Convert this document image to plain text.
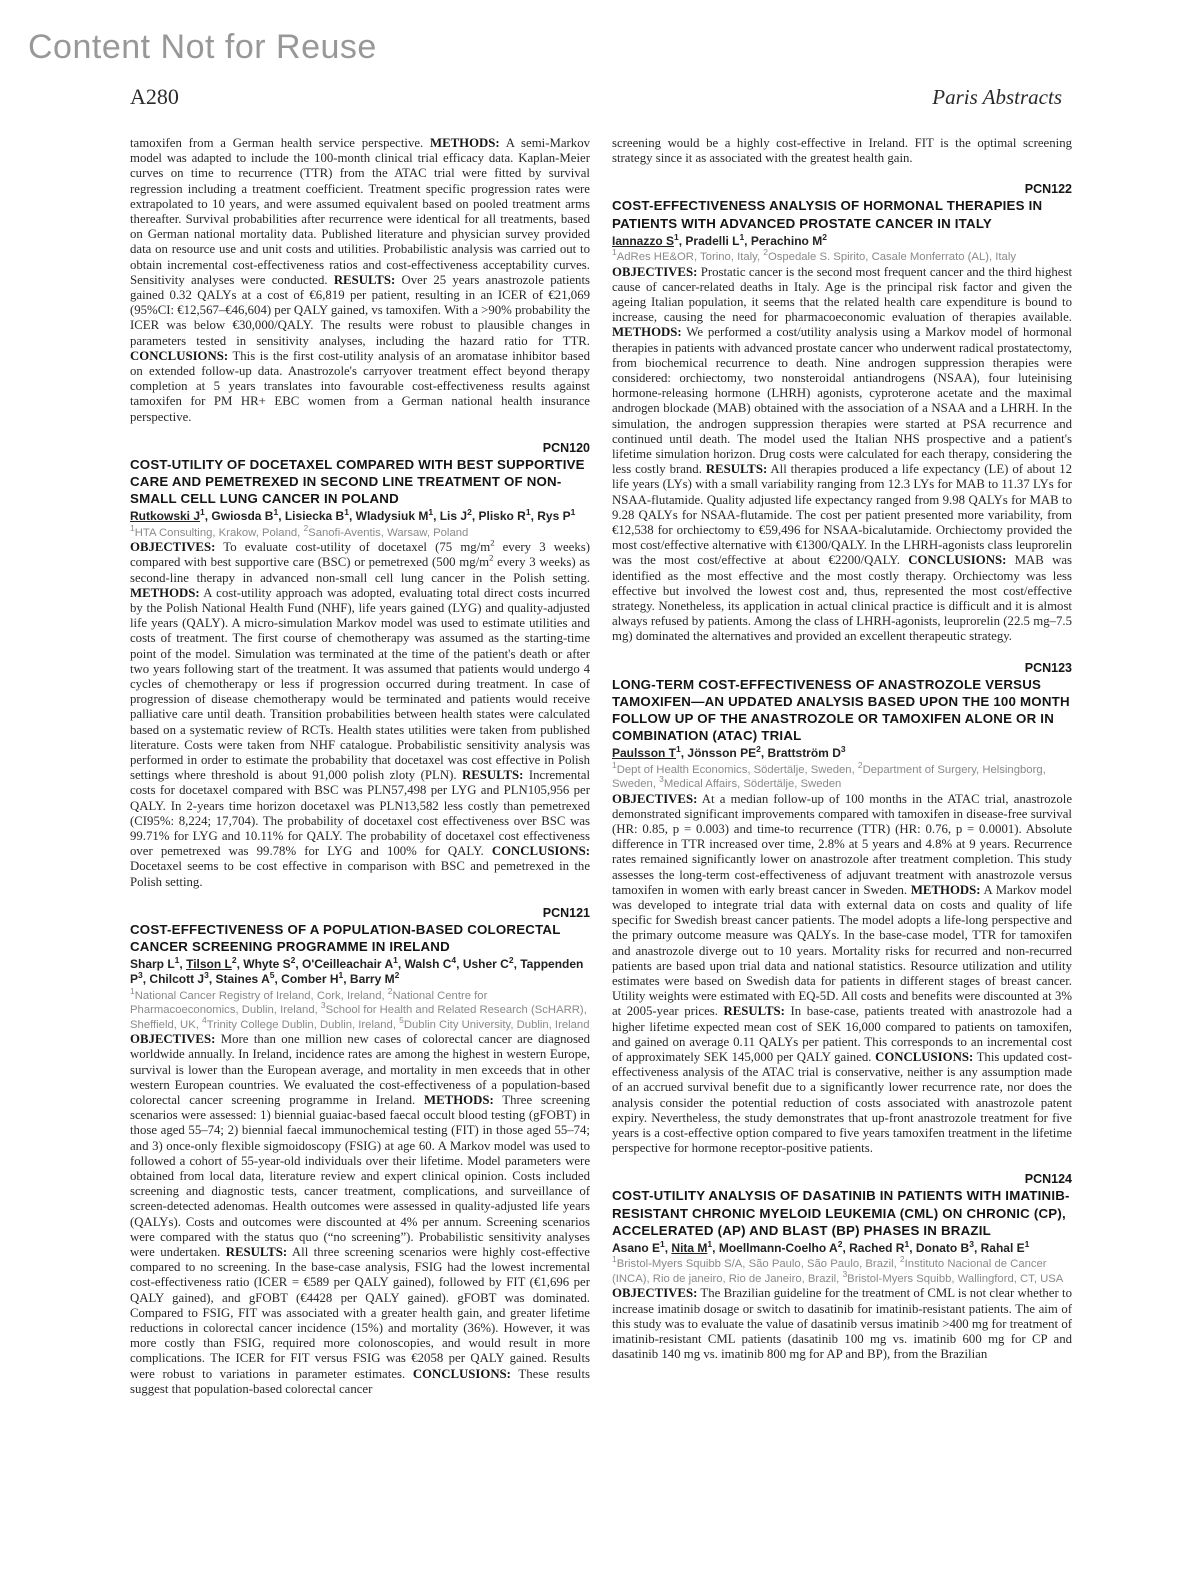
Content Not for Reuse
A280	Paris Abstracts

tamoxifen from a German health service perspective. METHODS: A semi-Markov model was adapted to include the 100-month clinical trial efficacy data. Kaplan-Meier curves on time to recurrence (TTR) from the ATAC trial were fitted by survival regression including a treatment coefficient. Treatment specific progression rates were extrapolated to 10 years, and were assumed equivalent based on pooled treatment arms thereafter. Survival probabilities after recurrence were identical for all treatments, based on German national mortality data. Published literature and physician survey provided data on resource use and unit costs and utilities. Probabilistic analysis was carried out to obtain incremental cost-effectiveness ratios and cost-effectiveness acceptability curves. Sensitivity analyses were conducted. RESULTS: Over 25 years anastrozole patients gained 0.32 QALYs at a cost of €6,819 per patient, resulting in an ICER of €21,069 (95%CI: €12,567–€46,604) per QALY gained, vs tamoxifen. With a >90% probability the ICER was below €30,000/QALY. The results were robust to plausible changes in parameters tested in sensitivity analyses, including the hazard ratio for TTR. CONCLUSIONS: This is the first cost-utility analysis of an aromatase inhibitor based on extended follow-up data. Anastrozole's carryover treatment effect beyond therapy completion at 5 years translates into favourable cost-effectiveness results against tamoxifen for PM HR+ EBC women from a German national health insurance perspective.

PCN120
COST-UTILITY OF DOCETAXEL COMPARED WITH BEST SUPPORTIVE CARE AND PEMETREXED IN SECOND LINE TREATMENT OF NON-SMALL CELL LUNG CANCER IN POLAND
Rutkowski $J^1$, Gwiosda $B^1$, Lisiecka $B^1$, Wladysiuk $M^1$, Lis $J^2$, Plisko $R^1$, Rys $P^1$
$^1$HTA Consulting, Krakow, Poland, $^2$Sanofi-Aventis, Warsaw, Poland

OBJECTIVES: To evaluate cost-utility of docetaxel (75 $mg/m^2$ every 3 weeks) compared with best supportive care (BSC) or pemetrexed (500 $mg/m^2$ every 3 weeks) as second-line therapy in advanced non-small cell lung cancer in the Polish setting. METHODS: A cost-utility approach was adopted, evaluating total direct costs incurred by the Polish National Health Fund (NHF), life years gained (LYG) and quality-adjusted life years (QALY). A micro-simulation Markov model was used to estimate utilities and costs of treatment. The first course of chemotherapy was assumed as the starting-time point of the model. Simulation was terminated at the time of the patient's death or after two years following start of the treatment. It was assumed that patients would undergo 4 cycles of chemotherapy or less if progression occurred during treatment. In case of progression of disease chemotherapy would be terminated and patients would receive palliative care until death. Transition probabilities between health states were calculated based on a systematic review of RCTs. Health states utilities were taken from published literature. Costs were taken from NHF catalogue. Probabilistic sensitivity analysis was performed in order to estimate the probability that docetaxel was cost effective in Polish settings where threshold is about 91,000 polish zloty (PLN). RESULTS: Incremental costs for docetaxel compared with BSC was PLN57,498 per LYG and PLN105,956 per QALY. In 2-years time horizon docetaxel was PLN13,582 less costly than pemetrexed (CI95%: 8,224; 17,704). The probability of docetaxel cost effectiveness over BSC was 99.71% for LYG and 10.11% for QALY. The probability of docetaxel cost effectiveness over pemetrexed was 99.78% for LYG and 100% for QALY. CONCLUSIONS: Docetaxel seems to be cost effective in comparison with BSC and pemetrexed in the Polish setting.

PCN121
COST-EFFECTIVENESS OF A POPULATION-BASED COLORECTAL CANCER SCREENING PROGRAMME IN IRELAND
Sharp $L^1$, Tilson $L^2$, Whyte $S^2$, O'Ceilleachair $A^1$, Walsh $C^4$, Usher $C^2$, Tappenden $P^3$, Chilcott $J^3$, Staines $A^5$, Comber $H^1$, Barry $M^2$
$^1$National Cancer Registry of Ireland, Cork, Ireland, $^2$National Centre for Pharmacoeconomics, Dublin, Ireland, $^3$School for Health and Related Research (ScHARR), Sheffield, UK, $^4$Trinity College Dublin, Dublin, Ireland, $^5$Dublin City University, Dublin, Ireland

OBJECTIVES: More than one million new cases of colorectal cancer are diagnosed worldwide annually. In Ireland, incidence rates are among the highest in western Europe, survival is lower than the European average, and mortality in men exceeds that in other western European countries. We evaluated the cost-effectiveness of a population-based colorectal cancer screening programme in Ireland. METHODS: Three screening scenarios were assessed: 1) biennial guaiac-based faecal occult blood testing (gFOBT) in those aged 55–74; 2) biennial faecal immunochemical testing (FIT) in those aged 55–74; and 3) once-only flexible sigmoidoscopy (FSIG) at age 60. A Markov model was used to followed a cohort of 55-year-old individuals over their lifetime. Model parameters were obtained from local data, literature review and expert clinical opinion. Costs included screening and diagnostic tests, cancer treatment, complications, and surveillance of screen-detected adenomas. Health outcomes were assessed in quality-adjusted life years (QALYs). Costs and outcomes were discounted at 4% per annum. Screening scenarios were compared with the status quo (“no screening”). Probabilistic sensitivity analyses were undertaken. RESULTS: All three screening scenarios were highly cost-effective compared to no screening. In the base-case analysis, FSIG had the lowest incremental cost-effectiveness ratio (ICER = €589 per QALY gained), followed by FIT (€1,696 per QALY gained), and gFOBT (€4428 per QALY gained). gFOBT was dominated. Compared to FSIG, FIT was associated with a greater health gain, and greater lifetime reductions in colorectal cancer incidence (15%) and mortality (36%). However, it was more costly than FSIG, required more colonoscopies, and would result in more complications. The ICER for FIT versus FSIG was €2058 per QALY gained. Results were robust to variations in parameter estimates. CONCLUSIONS: These results suggest that population-based colorectal cancer

screening would be a highly cost-effective in Ireland. FIT is the optimal screening strategy since it as associated with the greatest health gain.

PCN122
COST-EFFECTIVENESS ANALYSIS OF HORMONAL THERAPIES IN PATIENTS WITH ADVANCED PROSTATE CANCER IN ITALY
Iannazzo $S^1$, Pradelli $L^1$, Perachino $M^2$
$^1$AdRes HE&OR, Torino, Italy, $^2$Ospedale S. Spirito, Casale Monferrato (AL), Italy

OBJECTIVES: Prostatic cancer is the second most frequent cancer and the third highest cause of cancer-related deaths in Italy. Age is the principal risk factor and given the ageing Italian population, it seems that the related health care expenditure is bound to increase, causing the need for pharmacoeconomic evaluation of therapies available. METHODS: We performed a cost/utility analysis using a Markov model of hormonal therapies in patients with advanced prostate cancer who underwent radical prostatectomy, from biochemical recurrence to death. Nine androgen suppression therapies were considered: orchiectomy, two nonsteroidal antiandrogens (NSAA), four luteinising hormone-releasing hormone (LHRH) agonists, cyproterone acetate and the maximal androgen blockade (MAB) obtained with the association of a NSAA and a LHRH. In the simulation, the androgen suppression therapies were started at PSA recurrence and continued until death. The model used the Italian NHS prospective and a patient's lifetime simulation horizon. Drug costs were calculated for each therapy, considering the less costly brand. RESULTS: All therapies produced a life expectancy (LE) of about 12 life years (LYs) with a small variability ranging from 12.3 LYs for MAB to 11.37 LYs for NSAA-flutamide. Quality adjusted life expectancy ranged from 9.98 QALYs for MAB to 9.28 QALYs for NSAA-flutamide. The cost per patient presented more variability, from €12,538 for orchiectomy to €59,496 for NSAA-bicalutamide. Orchiectomy provided the most cost/effective alternative with €1300/QALY. In the LHRH-agonists class leuprorelin was the most cost/effective at about €2200/QALY. CONCLUSIONS: MAB was identified as the most effective and the most costly therapy. Orchiectomy was less effective but involved the lowest cost and, thus, represented the most cost/effective strategy. Nonetheless, its application in actual clinical practice is difficult and it is almost always refused by patients. Among the class of LHRH-agonists, leuprorelin (22.5 mg–7.5 mg) dominated the alternatives and provided an excellent therapeutic strategy.

PCN123
LONG-TERM COST-EFFECTIVENESS OF ANASTROZOLE VERSUS TAMOXIFEN—AN UPDATED ANALYSIS BASED UPON THE 100 MONTH FOLLOW UP OF THE ANASTROZOLE OR TAMOXIFEN ALONE OR IN COMBINATION (ATAC) TRIAL
Paulsson $T^1$, Jönsson $PE^2$, Brattström $D^3$
$^1$Dept of Health Economics, Södertälje, Sweden, $^2$Department of Surgery, Helsingborg, Sweden, $^3$Medical Affairs, Södertälje, Sweden

OBJECTIVES: At a median follow-up of 100 months in the ATAC trial, anastrozole demonstrated significant improvements compared with tamoxifen in disease-free survival (HR: 0.85, p = 0.003) and time-to recurrence (TTR) (HR: 0.76, p = 0.0001). Absolute difference in TTR increased over time, 2.8% at 5 years and 4.8% at 9 years. Recurrence rates remained significantly lower on anastrozole after treatment completion. This study assesses the long-term cost-effectiveness of adjuvant treatment with anastrozole versus tamoxifen in women with early breast cancer in Sweden. METHODS: A Markov model was developed to integrate trial data with external data on costs and quality of life specific for Swedish breast cancer patients. The model adopts a life-long perspective and the primary outcome measure was QALYs. In the base-case model, TTR for tamoxifen and anastrozole diverge out to 10 years. Mortality risks for recurred and non-recurred patients are based upon trial data and national statistics. Resource utilization and utility estimates were based on Swedish data for patients in different stages of breast cancer. Utility weights were estimated with EQ-5D. All costs and benefits were discounted at 3% at 2005-year prices. RESULTS: In base-case, patients treated with anastrozole had a higher lifetime expected mean cost of SEK 16,000 compared to patients on tamoxifen, and gained on average 0.11 QALYs per patient. This corresponds to an incremental cost of approximately SEK 145,000 per QALY gained. CONCLUSIONS: This updated cost-effectiveness analysis of the ATAC trial is conservative, neither is any assumption made of an accrued survival benefit due to a significantly lower recurrence rate, nor does the analysis consider the potential reduction of costs associated with anastrozole patent expiry. Nevertheless, the study demonstrates that up-front anastrozole treatment for five years is a cost-effective option compared to five years tamoxifen treatment in the lifetime perspective for hormone receptor-positive patients.

PCN124
COST-UTILITY ANALYSIS OF DASATINIB IN PATIENTS WITH IMATINIB-RESISTANT CHRONIC MYELOID LEUKEMIA (CML) ON CHRONIC (CP), ACCELERATED (AP) AND BLAST (BP) PHASES IN BRAZIL
Asano $E^1$, Nita $M^1$, Moellmann-Coelho $A^2$, Rached $R^1$, Donato $B^3$, Rahal $E^1$
$^1$Bristol-Myers Squibb S/A, São Paulo, São Paulo, Brazil, $^2$Instituto Nacional de Cancer (INCA), Rio de janeiro, Rio de Janeiro, Brazil, $^3$Bristol-Myers Squibb, Wallingford, CT, USA

OBJECTIVES: The Brazilian guideline for the treatment of CML is not clear whether to increase imatinib dosage or switch to dasatinib for imatinib-resistant patients. The aim of this study was to evaluate the value of dasatinib versus imatinib >400 mg for treatment of imatinib-resistant CML patients (dasatinib 100 mg vs. imatinib 600 mg for CP and dasatinib 140 mg vs. imatinib 800 mg for AP and BP), from the Brazilian
